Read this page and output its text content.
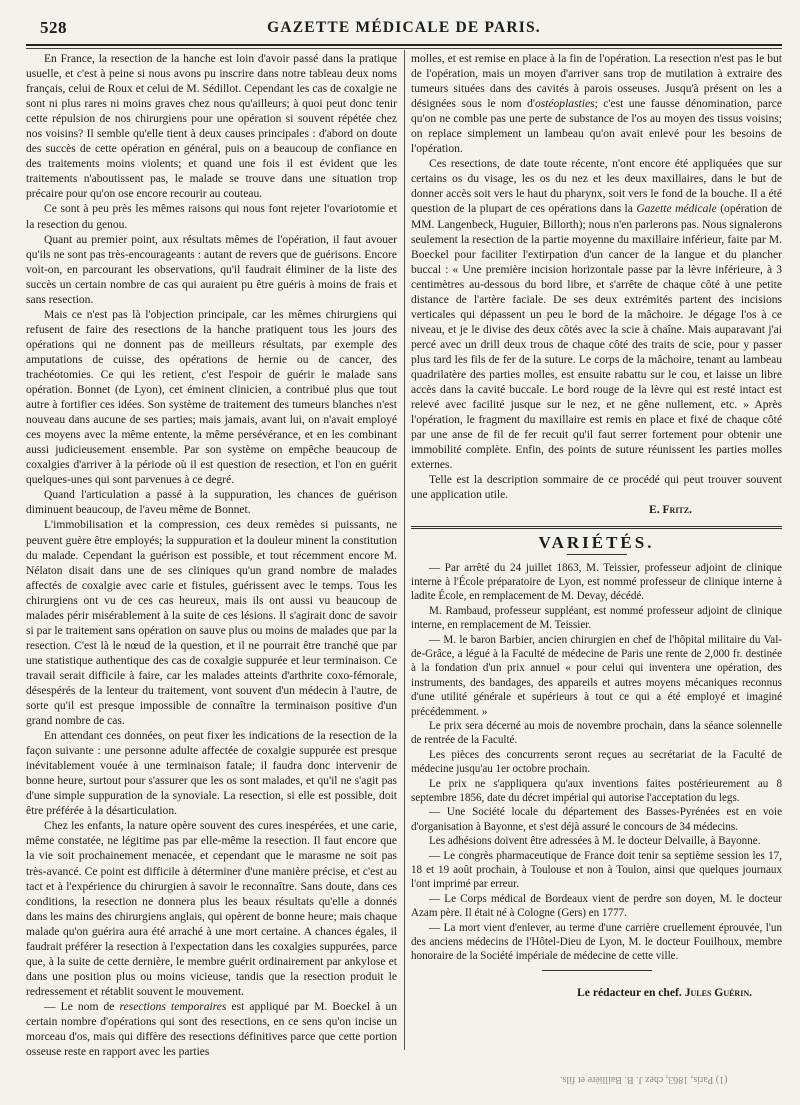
528	GAZETTE MÉDICALE DE PARIS.

En France, la resection de la hanche est loin d'avoir passé dans la pratique usuelle, et c'est à peine si nous avons pu inscrire dans notre tableau deux noms français, celui de Roux et celui de M. Sédillot. Cependant les cas de coxalgie ne sont ni plus rares ni moins graves chez nous qu'ailleurs; à quoi peut donc tenir cette répulsion de nos chirurgiens pour une opération si souvent répétée chez nos voisins? Il semble qu'elle tient à deux causes principales : d'abord on doute des succès de cette opération en général, puis on a beaucoup de confiance en des traitements moins violents; et quand une fois il est évident que les traitements n'aboutissent pas, le malade se trouve dans une situation trop précaire pour qu'on ose encore recourir au couteau.

Ce sont à peu près les mêmes raisons qui nous font rejeter l'ovariotomie et la resection du genou.

Quant au premier point, aux résultats mêmes de l'opération, il faut avouer qu'ils ne sont pas très-encourageants : autant de revers que de guérisons. Encore voit-on, en parcourant les observations, qu'il faudrait éliminer de la liste des succès un certain nombre de cas qui auraient pu être guéris à moins de frais et sans resection.

Mais ce n'est pas là l'objection principale, car les mêmes chirurgiens qui refusent de faire des resections de la hanche pratiquent tous les jours des opérations qui ne donnent pas de meilleurs résultats, par exemple des amputations de cuisse, des opérations de hernie ou de cancer, des trachéotomies. Ce qui les retient, c'est l'espoir de guérir le malade sans opération. Bonnet (de Lyon), cet éminent clinicien, a contribué plus que tout autre à fortifier ces idées. Son système de traitement des tumeurs blanches n'est nouveau dans aucune de ses parties; mais jamais, avant lui, on n'avait employé ces moyens avec la même entente, la même persévérance, et en les combinant aussi judicieusement ensemble. Par son système on empêche beaucoup de coxalgies d'arriver à la période où il est question de resection, et l'on en guérit quelques-unes qui sont parvenues à ce degré.

Quand l'articulation a passé à la suppuration, les chances de guérison diminuent beaucoup, de l'aveu même de Bonnet.

L'immobilisation et la compression, ces deux remèdes si puissants, ne peuvent guère être employés; la suppuration et la douleur minent la constitution du malade. Cependant la guérison est possible, et tout récemment encore M. Nélaton disait dans une de ses cliniques qu'un grand nombre de malades affectés de coxalgie avec carie et fistules, guérissent avec le temps. Tous les chirurgiens ont vu de ces cas heureux, mais ils ont aussi vu beaucoup de malades périr misérablement à la suite de ces lésions. Il s'agirait donc de savoir si par le traitement sans opération on sauve plus ou moins de malades que par la resection. C'est là le nœud de la question, et il ne pourrait être tranché que par une statistique authentique des cas de coxalgie suppurée et leur terminaison. Ce travail serait difficile à faire, car les malades atteints d'arthrite coxo-fémorale, désespérés de la lenteur du traitement, vont souvent d'un médecin à l'autre, de sorte qu'il est presque impossible de connaître la terminaison positive d'un grand nombre de cas.

En attendant ces données, on peut fixer les indications de la resection de la façon suivante : une personne adulte affectée de coxalgie suppurée est presque inévitablement vouée à une terminaison fatale; il faudra donc intervenir de bonne heure, surtout pour s'assurer que les os sont malades, et qu'il ne s'agit pas d'une simple suppuration de la synoviale. La resection, si elle est possible, doit être préférée à la désarticulation.

Chez les enfants, la nature opère souvent des cures inespérées, et une carie, même constatée, ne légitime pas par elle-même la resection. Il faut encore que la vie soit prochainement menacée, et cependant que le marasme ne soit pas très-avancé. Ce point est difficile à déterminer d'une manière précise, et c'est au tact et à l'expérience du chirurgien à savoir le reconnaître. Sans doute, dans ces conditions, la resection ne donnera plus les beaux résultats qu'elle a donnés dans les mains des chirurgiens anglais, qui opèrent de bonne heure; mais chaque malade qu'on guérira aura été arraché à une mort certaine. A chances égales, il faudrait préférer la resection à l'expectation dans les coxalgies suppurées, parce que, à la suite de cette dernière, le membre guérit ordinairement par ankylose et dans une position plus ou moins vicieuse, tandis que la resection produit le redressement et rétablit souvent le mouvement.

— Le nom de resections temporaires est appliqué par M. Boeckel à un certain nombre d'opérations qui sont des resections, en ce sens qu'on incise un morceau d'os, mais qui diffère des resections définitives parce que cette portion osseuse reste en rapport avec les parties

molles, et est remise en place à la fin de l'opération. La resection n'est pas le but de l'opération, mais un moyen d'arriver sans trop de mutilation à extraire des tumeurs situées dans des cavités à parois osseuses. Jusqu'à présent on les a désignées sous le nom d'ostéoplasties; c'est une fausse dénomination, parce qu'on ne comble pas une perte de substance de l'os au moyen des tissus voisins; on replace simplement un lambeau qu'on avait enlevé pour les besoins de l'opération.

Ces resections, de date toute récente, n'ont encore été appliquées que sur certains os du visage, les os du nez et les deux maxillaires, dans le but de donner accès soit vers le haut du pharynx, soit vers le fond de la bouche. Il a été question de la plupart de ces opérations dans la Gazette médicale (opération de MM. Langenbeck, Huguier, Billorth); nous n'en parlerons pas. Nous signalerons seulement la resection de la partie moyenne du maxillaire inférieur, faite par M. Boeckel pour faciliter l'extirpation d'un cancer de la langue et du plancher buccal : « Une première incision horizontale passe par la lèvre inférieure, à 3 centimètres au-dessous du bord libre, et s'arrête de chaque côté à une petite distance de l'artère faciale. De ses deux extrémités partent des incisions verticales qui dépassent un peu le bord de la mâchoire. Je dégage l'os à ce niveau, et je le divise des deux côtés avec la scie à chaîne. Mais auparavant j'ai percé avec un drill deux trous de chaque côté des traits de scie, pour y passer plus tard les fils de fer de la suture. Le corps de la mâchoire, tenant au lambeau quadrilatère des parties molles, est ensuite rabattu sur le cou, et laisse un libre accès dans la cavité buccale. Le bord rouge de la lèvre qui est resté intact est relevé avec facilité jusque sur le nez, et ne gêne nullement, etc. » Après l'opération, le fragment du maxillaire est remis en place et fixé de chaque côté par une anse de fil de fer recuit qu'il faut serrer fortement pour obtenir une immobilité complète. Enfin, des points de suture réunissent les parties molles externes.

Telle est la description sommaire de ce procédé qui peut trouver souvent une application utile.

E. Fritz.
VARIÉTÉS.

— Par arrêté du 24 juillet 1863, M. Teissier, professeur adjoint de clinique interne à l'École préparatoire de Lyon, est nommé professeur de clinique interne à ladite École, en remplacement de M. Devay, décédé.

M. Rambaud, professeur suppléant, est nommé professeur adjoint de clinique interne, en remplacement de M. Teissier.

— M. le baron Barbier, ancien chirurgien en chef de l'hôpital militaire du Val-de-Grâce, a légué à la Faculté de médecine de Paris une rente de 2,000 fr. destinée à la fondation d'un prix annuel « pour celui qui inventera une opération, des instruments, des bandages, des appareils et autres moyens mécaniques reconnus d'une utilité générale et supérieurs à tout ce qui a été employé et imaginé précédemment. »

Le prix sera décerné au mois de novembre prochain, dans la séance solennelle de rentrée de la Faculté.

Les pièces des concurrents seront reçues au secrétariat de la Faculté de médecine jusqu'au 1er octobre prochain.

Le prix ne s'appliquera qu'aux inventions faites postérieurement au 8 septembre 1856, date du décret impérial qui autorise l'acceptation du legs.

— Une Société locale du département des Basses-Pyrénées est en voie d'organisation à Bayonne, et s'est déjà assuré le concours de 34 médecins.

Les adhésions doivent être adressées à M. le docteur Delvaille, à Bayonne.

— Le congrès pharmaceutique de France doit tenir sa septième session les 17, 18 et 19 août prochain, à Toulouse et non à Toulon, ainsi que quelques journaux l'ont imprimé par erreur.

— Le Corps médical de Bordeaux vient de perdre son doyen, M. le docteur Azam père. Il était né à Cologne (Gers) en 1777.

— La mort vient d'enlever, au terme d'une carrière cruellement éprouvée, l'un des anciens médecins de l'Hôtel-Dieu de Lyon, M. le docteur Fouilhoux, membre honoraire de la Société impériale de médecine de cette ville.

Le rédacteur en chef. Jules Guérin.
(1) Paris, 1863, chez J. B. Baillière et fils.
